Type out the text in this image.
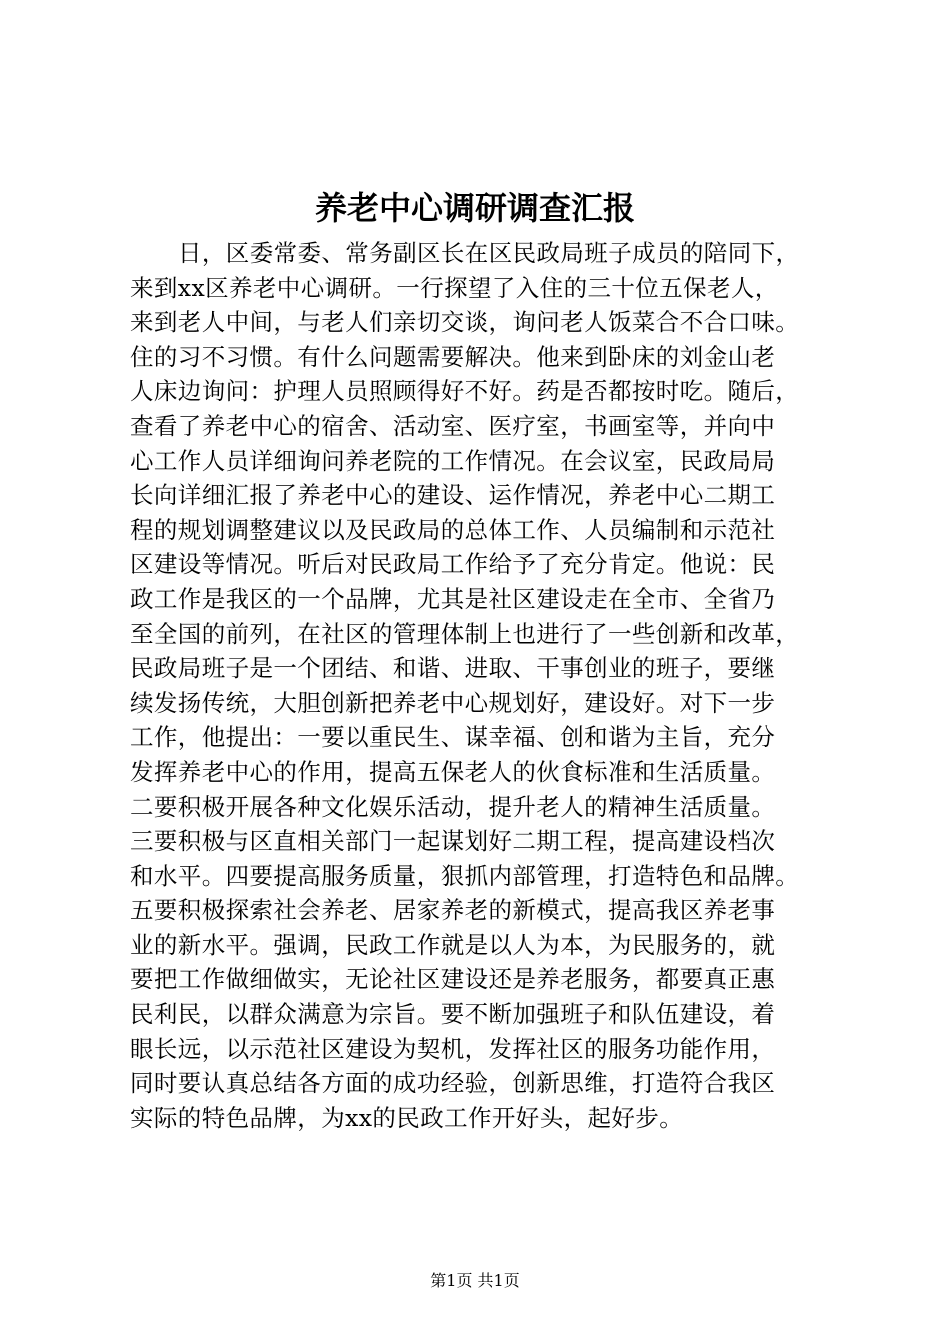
养老中心调研调查汇报
日，区委常委、常务副区长在区民政局班子成员的陪同下，
来到xx区养老中心调研。一行探望了入住的三十位五保老人，
来到老人中间，与老人们亲切交谈，询问老人饭菜合不合口味。
住的习不习惯。有什么问题需要解决。他来到卧床的刘金山老
人床边询问：护理人员照顾得好不好。药是否都按时吃。随后，
查看了养老中心的宿舍、活动室、医疗室，书画室等，并向中
心工作人员详细询问养老院的工作情况。在会议室，民政局局
长向详细汇报了养老中心的建设、运作情况，养老中心二期工
程的规划调整建议以及民政局的总体工作、人员编制和示范社
区建设等情况。听后对民政局工作给予了充分肯定。他说：民
政工作是我区的一个品牌，尤其是社区建设走在全市、全省乃
至全国的前列，在社区的管理体制上也进行了一些创新和改革，
民政局班子是一个团结、和谐、进取、干事创业的班子，要继
续发扬传统，大胆创新把养老中心规划好，建设好。对下一步
工作，他提出：一要以重民生、谋幸福、创和谐为主旨，充分
发挥养老中心的作用，提高五保老人的伙食标准和生活质量。
二要积极开展各种文化娱乐活动，提升老人的精神生活质量。
三要积极与区直相关部门一起谋划好二期工程，提高建设档次
和水平。四要提高服务质量，狠抓内部管理，打造特色和品牌。
五要积极探索社会养老、居家养老的新模式，提高我区养老事
业的新水平。强调，民政工作就是以人为本，为民服务的，就
要把工作做细做实，无论社区建设还是养老服务，都要真正惠
民利民，以群众满意为宗旨。要不断加强班子和队伍建设，着
眼长远，以示范社区建设为契机，发挥社区的服务功能作用，
同时要认真总结各方面的成功经验，创新思维，打造符合我区
实际的特色品牌，为xx的民政工作开好头，起好步。
第1页 共1页
